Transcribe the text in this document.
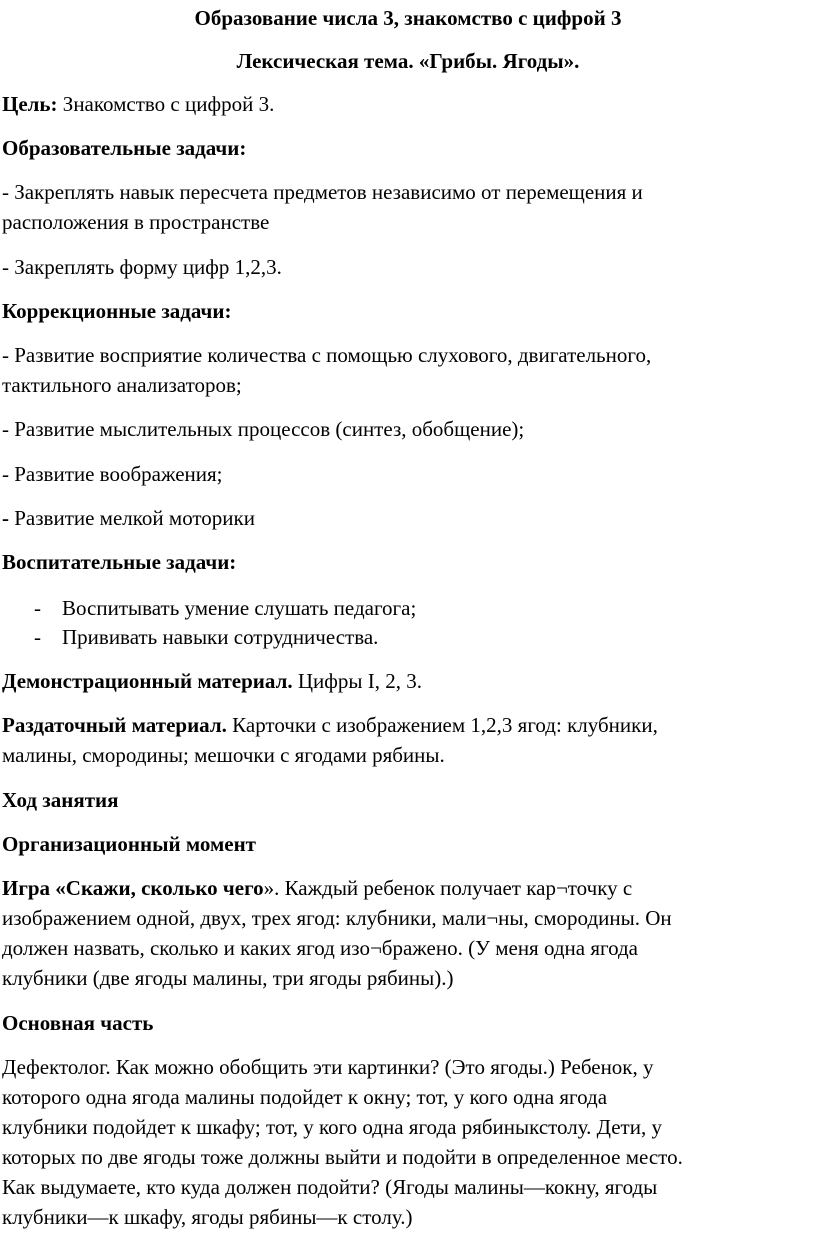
Образование числа 3, знакомство с цифрой 3
Лексическая тема. «Грибы. Ягоды».
Цель: Знакомство с цифрой 3.
Образовательные задачи:
- Закреплять навык пересчета предметов независимо от перемещения и
расположения в пространстве
- Закреплять форму цифр 1,2,3.
Коррекционные задачи:
- Развитие восприятие количества с помощью слухового, двигательного,
тактильного анализаторов;
- Развитие мыслительных процессов (синтез, обобщение);
- Развитие воображения;
- Развитие мелкой моторики
Воспитательные задачи:
- Воспитывать умение слушать педагога;
- Прививать навыки сотрудничества.
Демонстрационный материал. Цифры I, 2, 3.
Раздаточный материал. Карточки с изображением 1,2,3 ягод: клубники,
малины, смородины; мешочки с ягодами рябины.
Ход занятия
Организационный момент
Игра «Скажи, сколько чего». Каждый ребенок получает кар¬точку с
изображением одной, двух, трех ягод: клубники, мали¬ны, смородины. Он
должен назвать, сколько и каких ягод изо¬бражено. (У меня одна ягода
клубники (две ягоды малины, три ягоды рябины).)
Основная часть
Дефектолог. Как можно обобщить эти картинки? (Это ягоды.) Ребенок, у
которого одна ягода малины подойдет к окну; тот, у кого одна ягода
клубники подойдет к шкафу; тот, у кого одна ягода рябиныкстолу. Дети, у
которых по две ягоды тоже должны выйти и подойти в определенное место.
Как выдумаете, кто куда должен подойти? (Ягоды малины—кокну, ягоды
клубники—к шкафу, ягоды рябины—к столу.)
